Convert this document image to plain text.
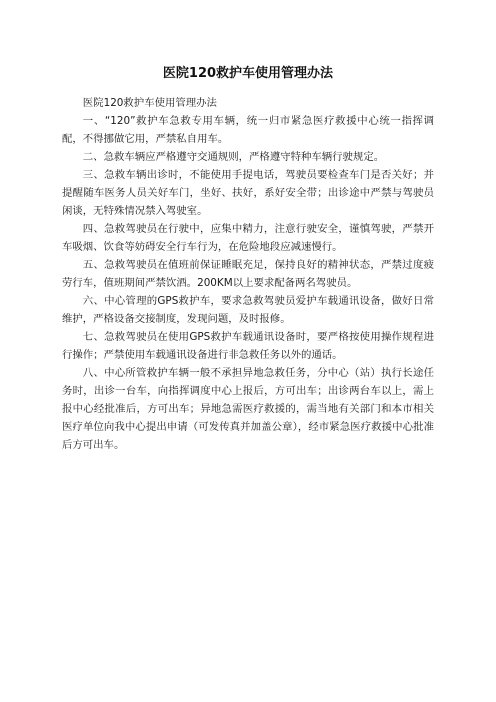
医院120救护车使用管理办法

医院120救护车使用管理办法

一、“120”救护车急救专用车辆，统一归市紧急医疗救援中心统一指挥调配，不得挪做它用，严禁私自用车。

二、急救车辆应严格遵守交通规则，严格遵守特种车辆行驶规定。

三、急救车辆出诊时，不能使用手提电话，驾驶员要检查车门是否关好；并提醒随车医务人员关好车门，坐好、扶好，系好安全带；出诊途中严禁与驾驶员闲谈，无特殊情况禁入驾驶室。

四、急救驾驶员在行驶中，应集中精力，注意行驶安全，谨慎驾驶，严禁开车吸烟、饮食等妨碍安全行车行为，在危险地段应减速慢行。

五、急救驾驶员在值班前保证睡眠充足，保持良好的精神状态，严禁过度疲劳行车，值班期间严禁饮酒。200KM以上要求配备两名驾驶员。

六、中心管理的GPS救护车，要求急救驾驶员爱护车载通讯设备，做好日常维护，严格设备交接制度，发现问题，及时报修。

七、急救驾驶员在使用GPS救护车载通讯设备时，要严格按使用操作规程进行操作；严禁使用车载通讯设备进行非急救任务以外的通话。

八、中心所管救护车辆一般不承担异地急救任务，分中心（站）执行长途任务时，出诊一台车，向指挥调度中心上报后，方可出车；出诊两台车以上，需上报中心经批准后，方可出车；异地急需医疗救援的，需当地有关部门和本市相关医疗单位向我中心提出申请（可发传真并加盖公章），经市紧急医疗救援中心批准后方可出车。
